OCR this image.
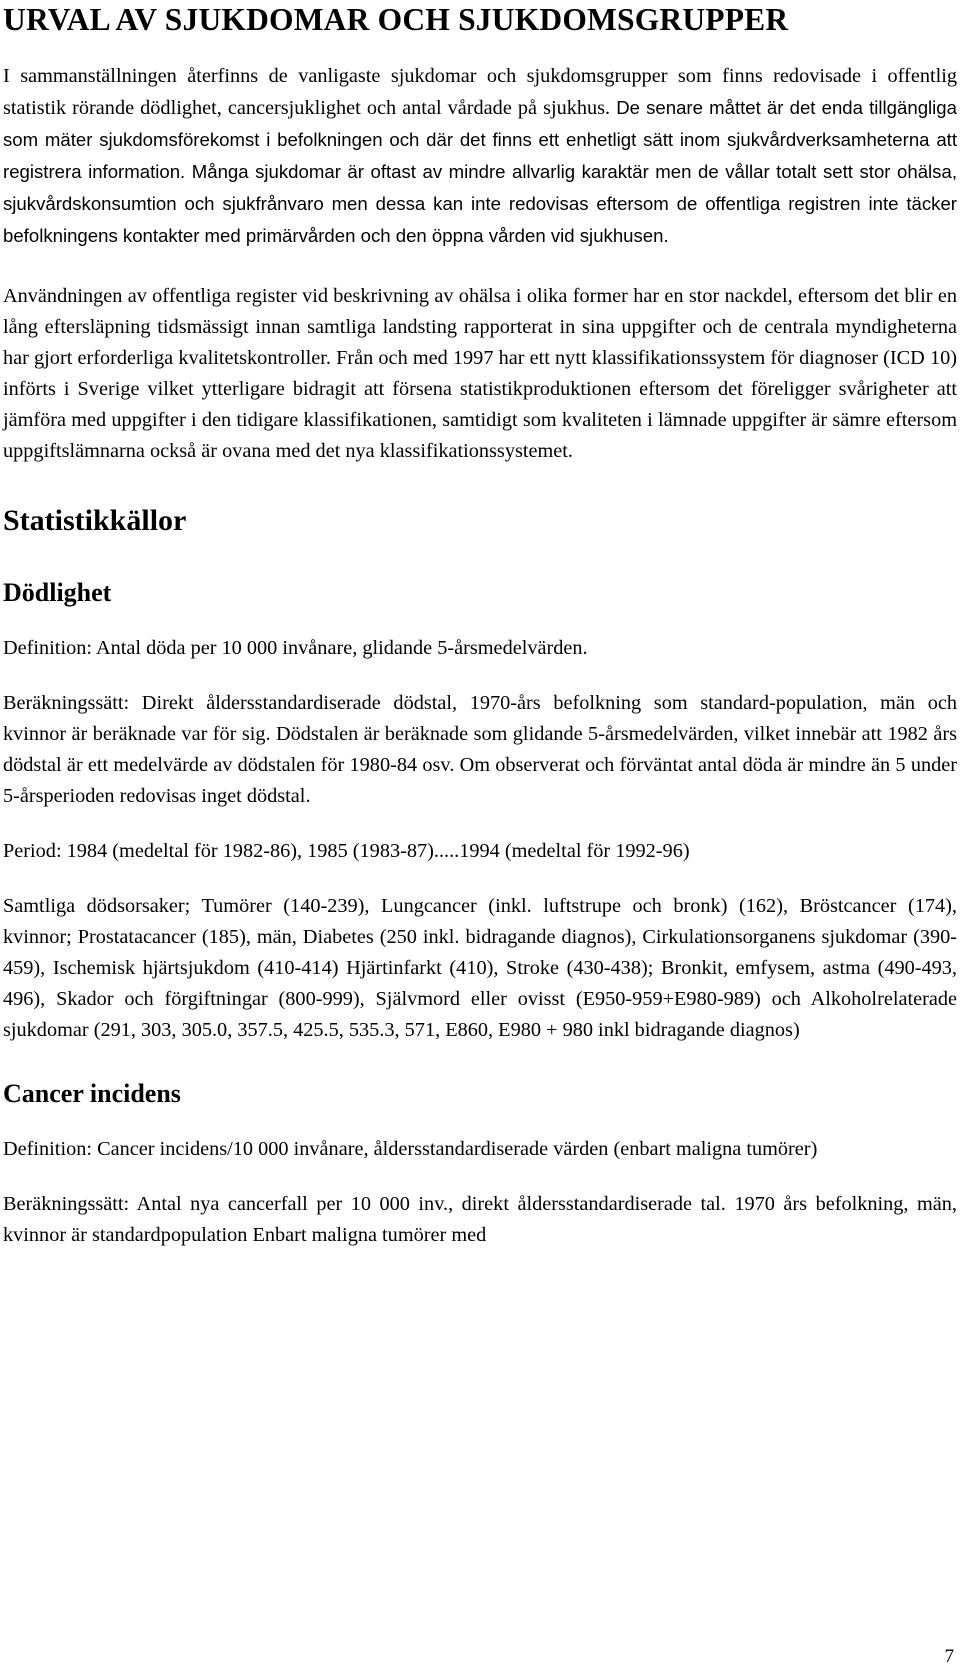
URVAL AV SJUKDOMAR OCH SJUKDOMSGRUPPER

I sammanställningen återfinns de vanligaste sjukdomar och sjukdomsgrupper som finns redovisade i offentlig statistik rörande dödlighet, cancersjuklighet och antal vårdade på sjukhus. De senare måttet är det enda tillgängliga som mäter sjukdomsförekomst i befolkningen och där det finns ett enhetligt sätt inom sjukvårdverksamheterna att registrera information. Många sjukdomar är oftast av mindre allvarlig karaktär men de vållar totalt sett stor ohälsa, sjukvårdskonsumtion och sjukfrånvaro men dessa kan inte redovisas eftersom de offentliga registren inte täcker befolkningens kontakter med primärvården och den öppna vården vid sjukhusen.

Användningen av offentliga register vid beskrivning av ohälsa i olika former har en stor nackdel, eftersom det blir en lång eftersläpning tidsmässigt innan samtliga landsting rapporterat in sina uppgifter och de centrala myndigheterna har gjort erforderliga kvalitetskontroller. Från och med 1997 har ett nytt klassifikationssystem för diagnoser (ICD 10) införts i Sverige vilket ytterligare bidragit att försena statistikproduktionen eftersom det föreligger svårigheter att jämföra med uppgifter i den tidigare klassifikationen, samtidigt som kvaliteten i lämnade uppgifter är sämre eftersom uppgiftslämnarna också är ovana med det nya klassifikationssystemet.

Statistikkällor
Dödlighet

Definition: Antal döda per 10 000 invånare, glidande 5-årsmedelvärden.

Beräkningssätt: Direkt åldersstandardiserade dödstal, 1970-års befolkning som standard-population, män och kvinnor är beräknade var för sig. Dödstalen är beräknade som glidande 5-årsmedelvärden, vilket innebär att 1982 års dödstal är ett medelvärde av dödstalen för 1980-84 osv. Om observerat och förväntat antal döda är mindre än 5 under 5-årsperioden redovisas inget dödstal.

Period: 1984 (medeltal för 1982-86), 1985 (1983-87).....1994 (medeltal för 1992-96)

Samtliga dödsorsaker; Tumörer (140-239), Lungcancer (inkl. luftstrupe och bronk) (162), Bröstcancer (174), kvinnor; Prostatacancer (185), män, Diabetes (250 inkl. bidragande diagnos), Cirkulationsorganens sjukdomar (390-459), Ischemisk hjärtsjukdom (410-414) Hjärtinfarkt (410), Stroke (430-438); Bronkit, emfysem, astma (490-493, 496), Skador och förgiftningar (800-999), Självmord eller ovisst (E950-959+E980-989) och Alkoholrelaterade sjukdomar (291, 303, 305.0, 357.5, 425.5, 535.3, 571, E860, E980 + 980 inkl bidragande diagnos)

Cancer incidens

Definition: Cancer incidens/10 000 invånare, åldersstandardiserade värden (enbart maligna tumörer)

Beräkningssätt: Antal nya cancerfall per 10 000 inv., direkt åldersstandardiserade tal. 1970 års befolkning, män, kvinnor är standardpopulation Enbart maligna tumörer med

7
